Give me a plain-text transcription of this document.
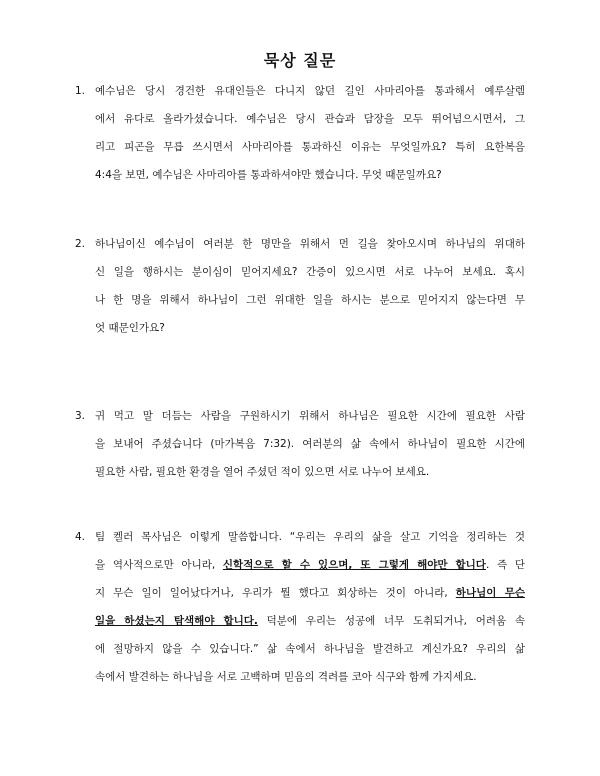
묵상 질문
1. 예수님은 당시 경건한 유대인들은 다니지 않던 길인 사마리아를 통과해서 예루살렘
에서 유다로 올라가셨습니다. 예수님은 당시 관습과 담장을 모두 뛰어넘으시면서, 그
리고 피곤을 무릅 쓰시면서 사마리아를 통과하신 이유는 무엇일까요? 특히 요한복음
4:4을 보면, 예수님은 사마리아를 통과하셔야만 했습니다. 무엇 때문일까요?
2. 하나님이신 예수님이 여러분 한 명만을 위해서 먼 길을 찾아오시며 하나님의 위대하
신 일을 행하시는 분이심이 믿어지세요? 간증이 있으시면 서로 나누어 보세요. 혹시
나 한 명을 위해서 하나님이 그런 위대한 일을 하시는 분으로 믿어지지 않는다면 무
엇 때문인가요?
3. 귀 먹고 말 더듬는 사람을 구원하시기 위해서 하나님은 필요한 시간에 필요한 사람
을 보내어 주셨습니다 (마가복음 7:32). 여러분의 삶 속에서 하나님이 필요한 시간에
필요한 사람, 필요한 환경을 열어 주셨던 적이 있으면 서로 나누어 보세요.
4. 팀 켈러 목사님은 이렇게 말씀합니다. “우리는 우리의 삶을 살고 기억을 정리하는 것
을 역사적으로만 아니라, 신학적으로 할 수 있으며, 또 그렇게 해야만 합니다. 즉 단
지 무슨 일이 일어났다거나, 우리가 뭘 했다고 회상하는 것이 아니라, 하나님이 무슨
일을 하셨는지 탐색해야 합니다. 덕분에 우리는 성공에 너무 도취되거나, 어려움 속
에 절망하지 않을 수 있습니다.” 삶 속에서 하나님을 발견하고 계신가요? 우리의 삶
속에서 발견하는 하나님을 서로 고백하며 믿음의 격려를 코아 식구와 함께 가지세요.
